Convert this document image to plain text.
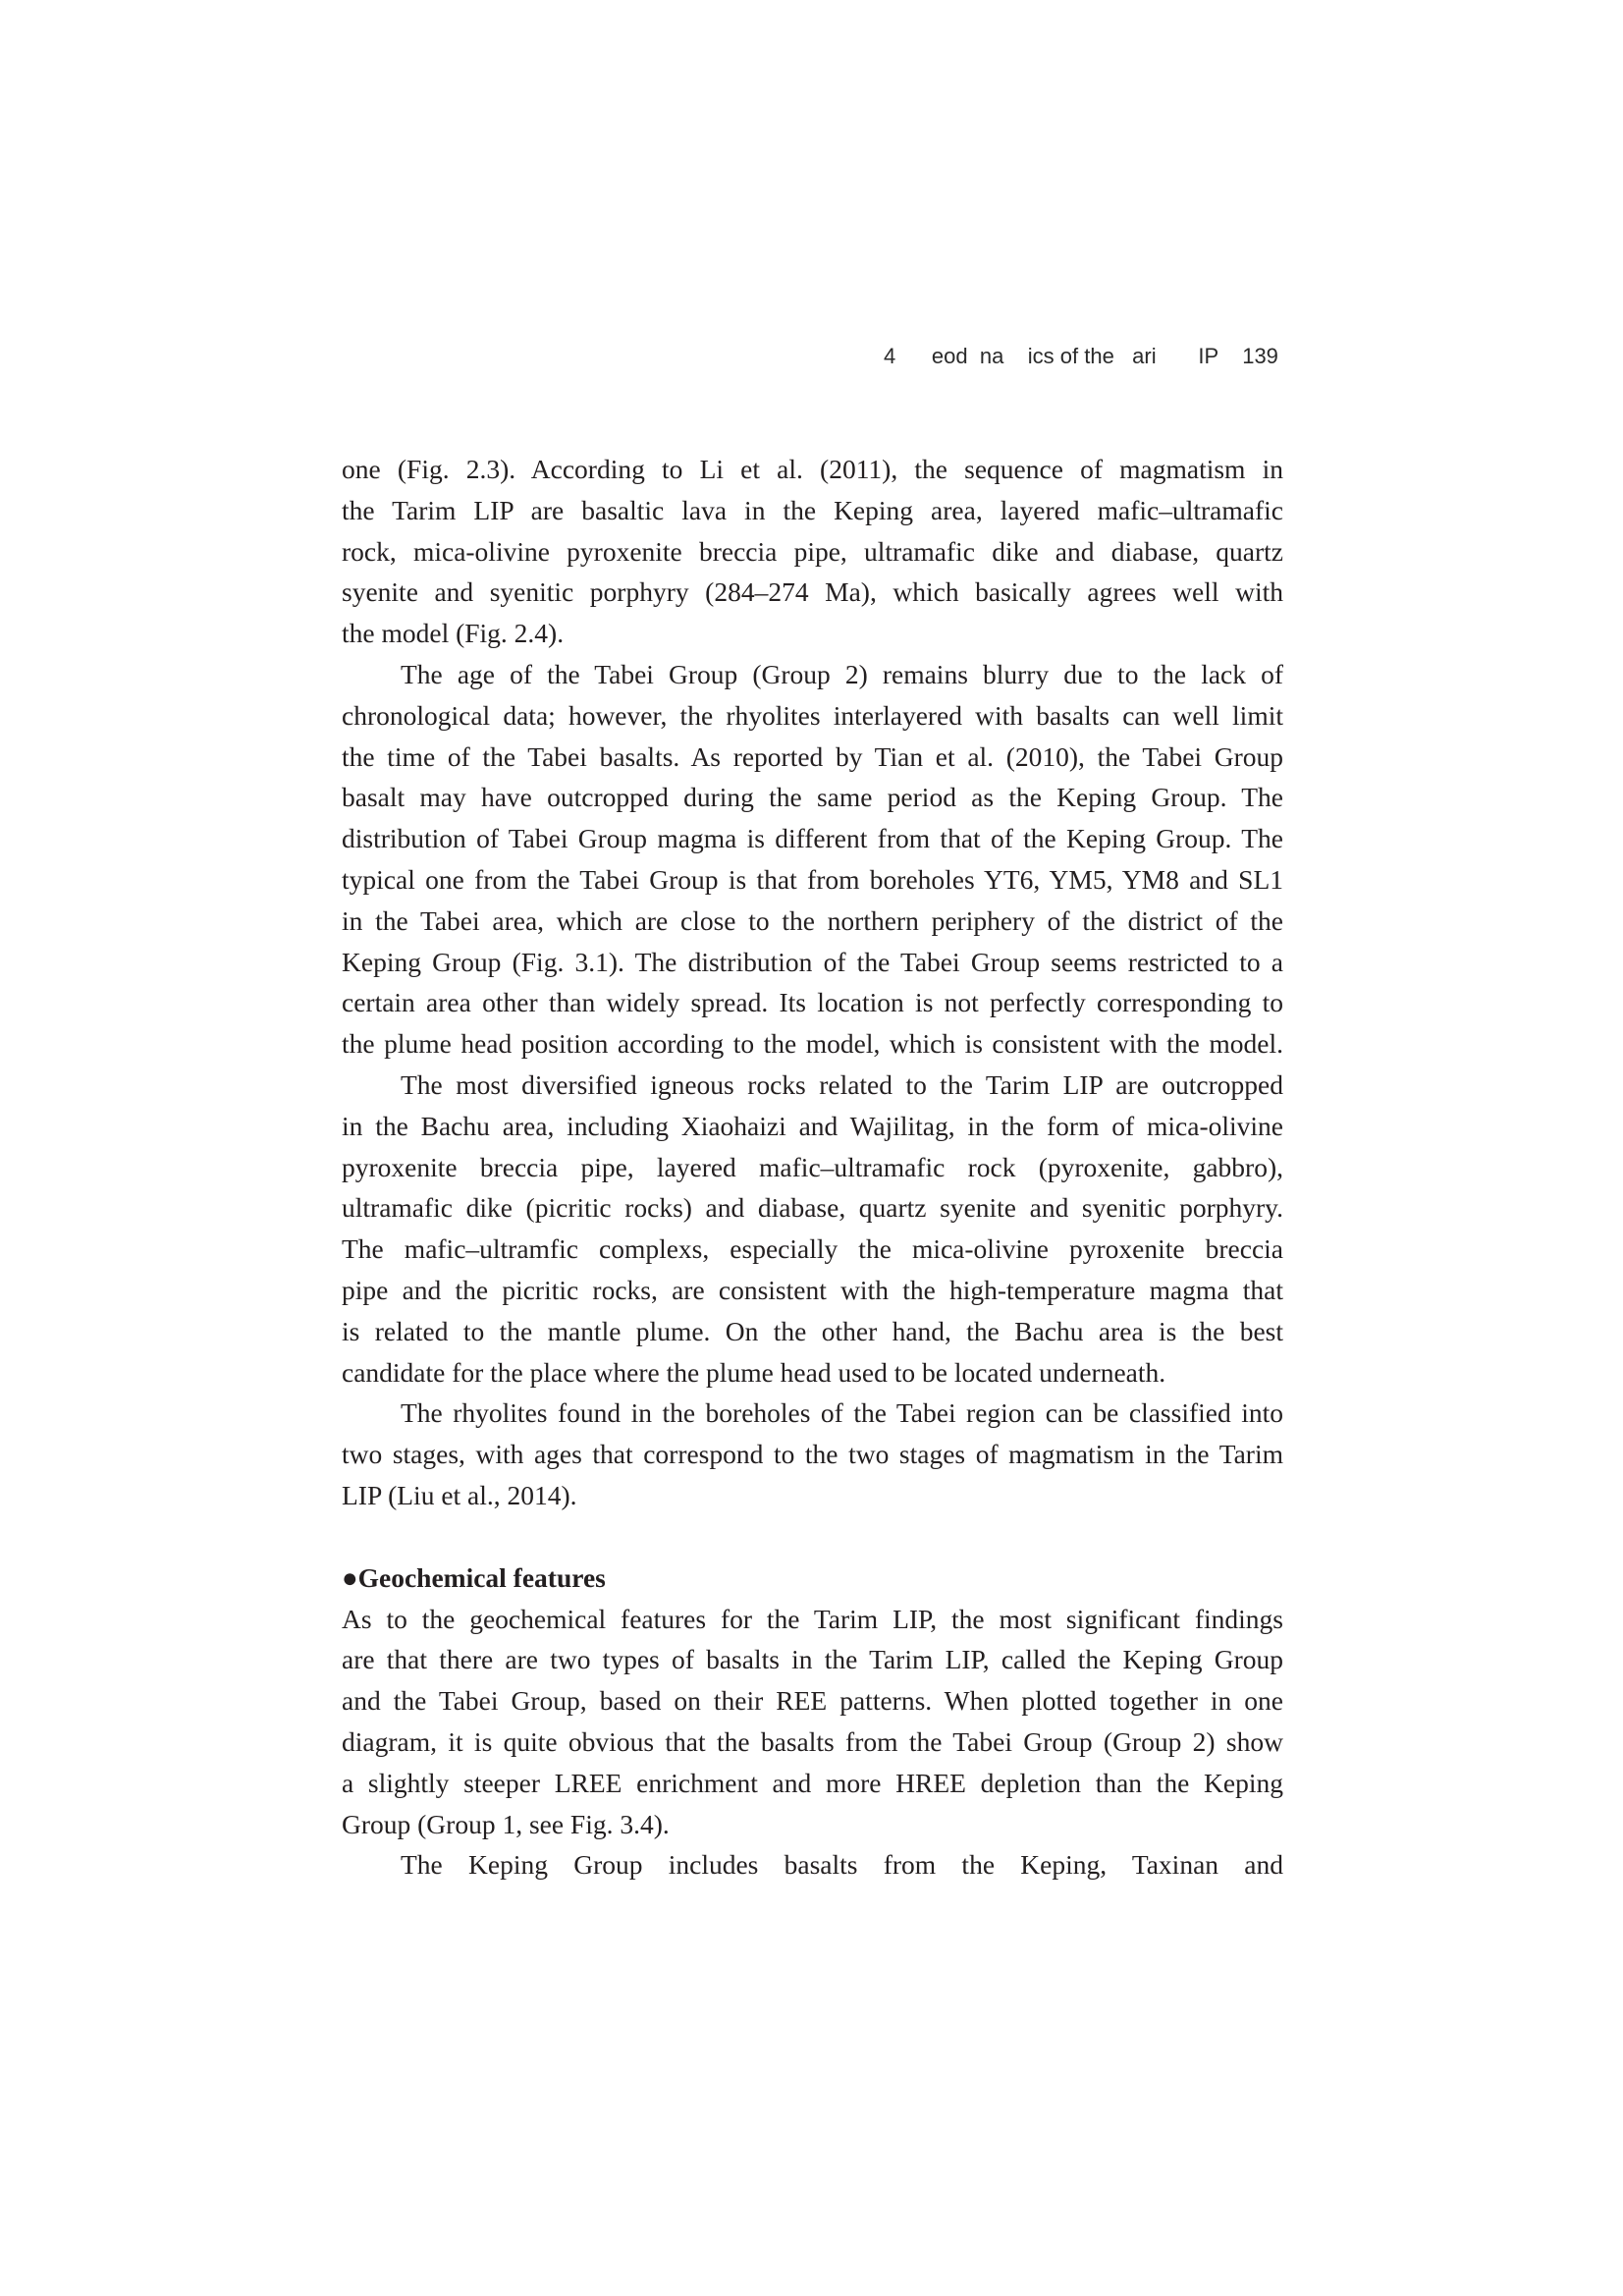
4      eod  na    ics of the   ari       IP    139
one (Fig. 2.3). According to Li et al. (2011), the sequence of magmatism in
the Tarim LIP are basaltic lava in the Keping area, layered mafic–ultramafic
rock, mica-olivine pyroxenite breccia pipe, ultramafic dike and diabase, quartz
syenite and syenitic porphyry (284–274 Ma), which basically agrees well with
the model (Fig. 2.4).
The age of the Tabei Group (Group 2) remains blurry due to the lack of
chronological data; however, the rhyolites interlayered with basalts can well limit
the time of the Tabei basalts. As reported by Tian et al. (2010), the Tabei Group
basalt may have outcropped during the same period as the Keping Group. The
distribution of Tabei Group magma is different from that of the Keping Group. The
typical one from the Tabei Group is that from boreholes YT6, YM5, YM8 and SL1
in the Tabei area, which are close to the northern periphery of the district of the
Keping Group (Fig. 3.1). The distribution of the Tabei Group seems restricted to a
certain area other than widely spread. Its location is not perfectly corresponding to
the plume head position according to the model, which is consistent with the model.
The most diversified igneous rocks related to the Tarim LIP are outcropped
in the Bachu area, including Xiaohaizi and Wajilitag, in the form of mica-olivine
pyroxenite breccia pipe, layered mafic–ultramafic rock (pyroxenite, gabbro),
ultramafic dike (picritic rocks) and diabase, quartz syenite and syenitic porphyry.
The mafic–ultramfic complexs, especially the mica-olivine pyroxenite breccia
pipe and the picritic rocks, are consistent with the high-temperature magma that
is related to the mantle plume. On the other hand, the Bachu area is the best
candidate for the place where the plume head used to be located underneath.
The rhyolites found in the boreholes of the Tabei region can be classified into
two stages, with ages that correspond to the two stages of magmatism in the Tarim
LIP (Liu et al., 2014).
●Geochemical features
As to the geochemical features for the Tarim LIP, the most significant findings
are that there are two types of basalts in the Tarim LIP, called the Keping Group
and the Tabei Group, based on their REE patterns. When plotted together in one
diagram, it is quite obvious that the basalts from the Tabei Group (Group 2) show
a slightly steeper LREE enrichment and more HREE depletion than the Keping
Group (Group 1, see Fig. 3.4).
The Keping Group includes basalts from the Keping, Taxinan and
